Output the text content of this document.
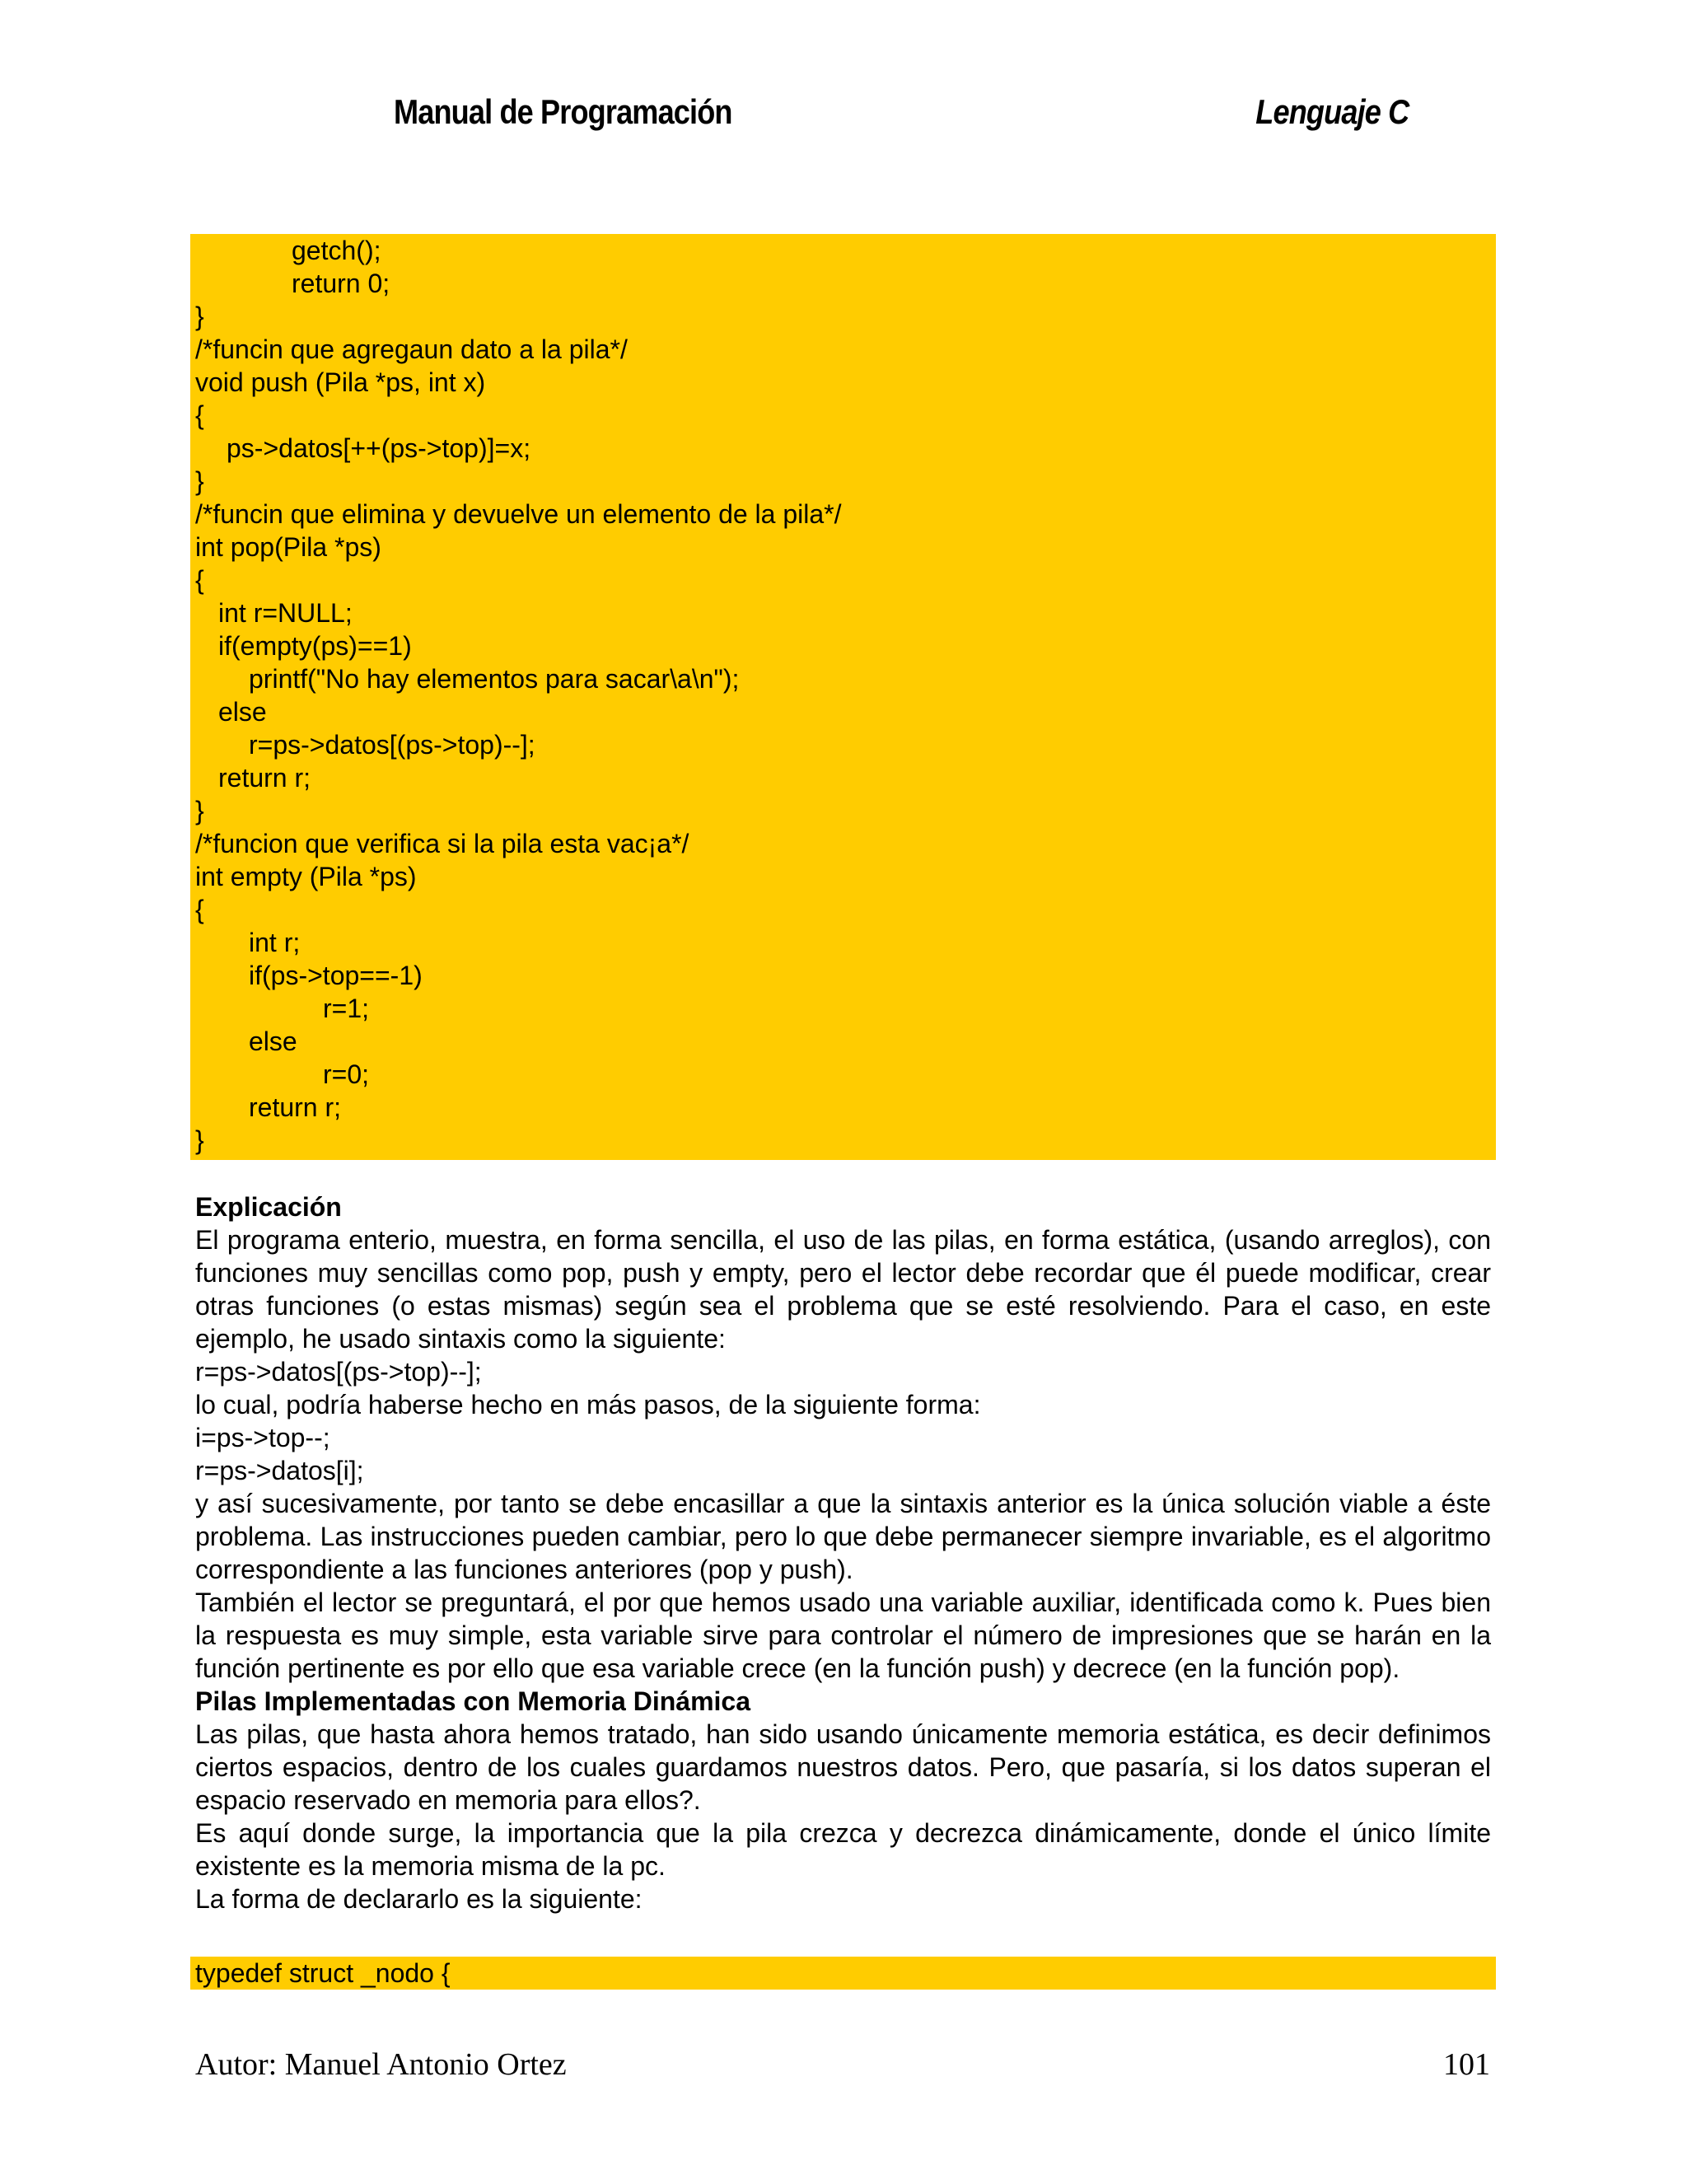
Manual de Programación	Lenguaje C
getch();
return 0;
}
/*funcin que agregaun dato a la pila*/
void push (Pila *ps, int x)
{
ps->datos[++(ps->top)]=x;
}
/*funcin que elimina y devuelve un elemento de la pila*/
int pop(Pila *ps)
{
int r=NULL;
if(empty(ps)==1)
printf("No hay elementos para sacar\a\n");
else
r=ps->datos[(ps->top)--];
return r;
}
/*funcion que verifica si la pila esta vac¡a*/
int empty (Pila *ps)
{
int r;
if(ps->top==-1)
r=1;
else
r=0;
return r;
}

Explicación

El programa enterio, muestra, en forma sencilla, el uso de las pilas, en forma estática, (usando arreglos), con funciones muy sencillas como pop, push y empty, pero el lector debe recordar que él puede modificar, crear otras funciones (o estas mismas) según sea el problema que se esté resolviendo. Para el caso, en este ejemplo, he usado sintaxis como la siguiente:

r=ps->datos[(ps->top)--];

lo cual, podría haberse hecho en más pasos, de la siguiente forma:

i=ps->top--;

r=ps->datos[i];

y así sucesivamente, por tanto se debe encasillar a que la sintaxis anterior es la única solución viable a éste problema. Las instrucciones pueden cambiar, pero lo que debe permanecer siempre invariable, es el algoritmo correspondiente a las funciones anteriores (pop y push).

También el lector se preguntará, el por que hemos usado una variable auxiliar, identificada como k. Pues bien la respuesta es muy simple, esta variable sirve para controlar el número de impresiones que se harán en la función pertinente es por ello que esa variable crece (en la función push) y decrece (en la función pop).

Pilas Implementadas con Memoria Dinámica

Las pilas, que hasta ahora hemos tratado, han sido usando únicamente memoria estática, es decir definimos ciertos espacios, dentro de los cuales guardamos nuestros datos. Pero, que pasaría, si los datos superan el espacio reservado en memoria para ellos?.

Es aquí donde surge, la importancia que la pila crezca y decrezca dinámicamente, donde el único límite existente es la memoria misma de la pc.

La forma de declararlo es la siguiente:

typedef struct _nodo {
Autor: Manuel Antonio Ortez	101
